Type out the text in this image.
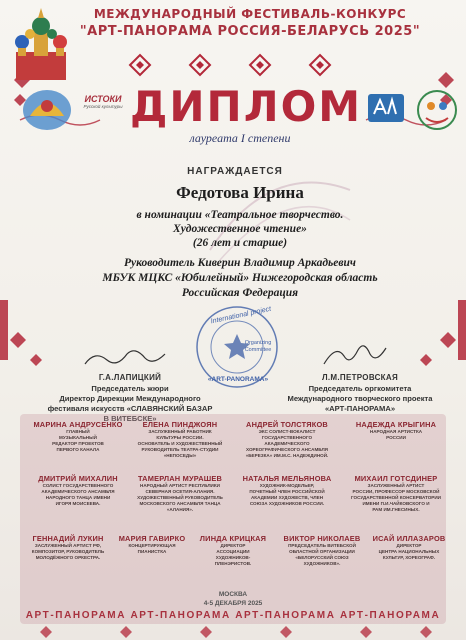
МЕЖДУНАРОДНЫЙ ФЕСТИВАЛЬ-КОНКУРС
"АРТ-ПАНОРАМА РОССИЯ-БЕЛАРУСЬ 2025"
ИСТОКИ
Русской культуры ДИПЛОМ
лауреата I степени
НАГРАЖДАЕТСЯ
Федотова Ирина
в номинации «Театральное творчество.
Художественное чтение»
(26 лет и старше)
Руководитель Киверин Владимир Аркадьевич
МБУК МЦКС «Юбилейный» Нижегородская область
Российская Федерация
International project
Organizing
Committee
«ART-PANORAMA»
Г.А.ЛАПИЦКИЙ
Председатель жюри
Директор Дирекции Международного
фестиваля искусств «СЛАВЯНСКИЙ БАЗАР
В ВИТЕБСКЕ»
Л.М.ПЕТРОВСКАЯ
Председатель оргкомитета
Международного творческого проекта
«АРТ-ПАНОРАМА»
МАРИНА АНДРУСЕНКО
ГЛАВНЫЙ
МУЗЫКАЛЬНЫЙ
РЕДАКТОР ПРОЕКТОВ
ПЕРВОГО КАНАЛА
ЕЛЕНА ПИНДЖОЯН
ЗАСЛУЖЕННЫЙ РАБОТНИК
КУЛЬТУРЫ РОССИИ.
ОСНОВАТЕЛЬ И ХУДОЖЕСТВЕННЫЙ
РУКОВОДИТЕЛЬ ТЕАТРА-СТУДИИ
«НЕПОСЕДЫ»
АНДРЕЙ ТОЛСТЯКОВ
ЭКС СОЛИСТ-ВОКАЛИСТ
ГОСУДАРСТВЕННОГО
АКАДЕМИЧЕСКОГО
ХОРЕОГРАФИЧЕСКОГО АНСАМБЛЯ
«БЕРЕЗКА» ИМ.М.С. НАДЕЖДИНОЙ.
НАДЕЖДА КРЫГИНА
НАРОДНАЯ АРТИСТКА
РОССИИ
ДМИТРИЙ МИХАЛИН
СОЛИСТ ГОСУДАРСТВЕННОГО
АКАДЕМИЧЕСКОГО АНСАМБЛЯ
НАРОДНОГО ТАНЦА ИМЕНИ
ИГОРЯ МОИСЕЕВА.
ТАМЕРЛАН МУРАШЕВ
НАРОДНЫЙ АРТИСТ РЕСПУБЛИКИ
СЕВЕРНАЯ ОСЕТИЯ-АЛАНИЯ.
ХУДОЖЕСТВЕННЫЙ РУКОВОДИТЕЛЬ
МОСКОВСКОГО АНСАМБЛЯ ТАНЦА
«АЛАНИЯ».
НАТАЛЬЯ МЕЛЬЯНОВА
ХУДОЖНИК-МОДЕЛЬЕР,
ПОЧЕТНЫЙ ЧЛЕН РОССИЙСКОЙ
АКАДЕМИИ ХУДОЖЕСТВ, ЧЛЕН
СОЮЗА ХУДОЖНИКОВ РОССИИ.
МИХАИЛ ГОТСДИНЕР
ЗАСЛУЖЕННЫЙ АРТИСТ
РОССИИ, ПРОФЕССОР МОСКОВСКОЙ
ГОСУДАРСТВЕННОЙ КОНСЕРВАТОРИИ
ИМЕНИ П.И.ЧАЙКОВСКОГО И
РАМ ИМ.ГНЕСИНЫХ.
ГЕННАДИЙ ЛУКИН
ЗАСЛУЖЕННЫЙ АРТИСТ РФ,
КОМПОЗИТОР, РУКОВОДИТЕЛЬ
МОЛОДЁЖНОГО ОРКЕСТРА.
МАРИЯ ГАВИРКО
КОНЦЕРТИРУЮЩАЯ
ПИАНИСТКА
ЛИНДА КРИЦКАЯ
ДИРЕКТОР
АССОЦИАЦИИ
ХУДОЖНИКОВ-
ПЛЕНЭРИСТОВ.
ВИКТОР НИКОЛАЕВ
ПРЕДСЕДАТЕЛЬ ВИТЕБСКОЙ
ОБЛАСТНОЙ ОРГАНИЗАЦИИ
«БЕЛОРУССКИЙ СОЮЗ
ХУДОЖНИКОВ».
ИСАЙ ИЛЛАЗАРОВ
ДИРЕКТОР
ЦЕНТРА НАЦИОНАЛЬНЫХ
КУЛЬТУР, ХОРЕОГРАФ.
МОСКВА
4-5 ДЕКАБРЯ 2025
АРТ-ПАНОРАМА АРТ-ПАНОРАМА АРТ-ПАНОРАМА АРТ-ПАНОРАМА
